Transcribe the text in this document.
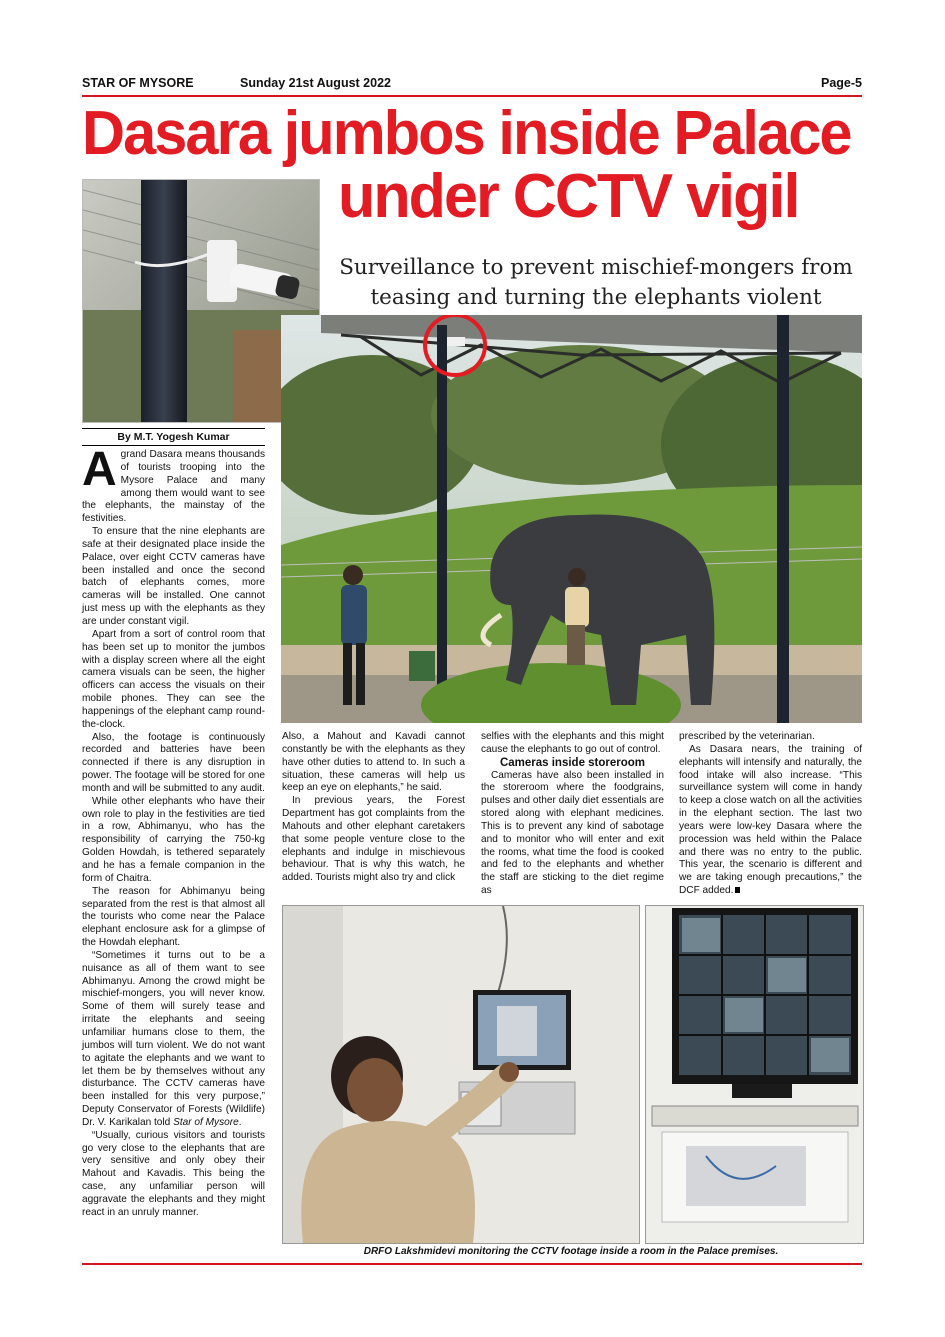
STAR OF MYSORE	Sunday 21st August 2022	Page-5
Dasara jumbos inside Palace
under CCTV vigil
Surveillance to prevent mischief-mongers from
teasing and turning the elephants violent
By M.T. Yogesh Kumar

Agrand Dasara means thousands of tourists trooping into the Mysore Palace and many among them would want to see the elephants, the mainstay of the festivities.

To ensure that the nine elephants are safe at their designated place inside the Palace, over eight CCTV cameras have been installed and once the second batch of elephants comes, more cameras will be installed. One cannot just mess up with the elephants as they are under constant vigil.

Apart from a sort of control room that has been set up to monitor the jumbos with a display screen where all the eight camera visuals can be seen, the higher officers can access the visuals on their mobile phones. They can see the happenings of the elephant camp round-the-clock.

Also, the footage is continuously recorded and batteries have been connected if there is any disruption in power. The footage will be stored for one month and will be submitted to any audit.

While other elephants who have their own role to play in the festivities are tied in a row, Abhimanyu, who has the responsibility of carrying the 750-kg Golden Howdah, is tethered separately and he has a female companion in the form of Chaitra.

The reason for Abhimanyu being separated from the rest is that almost all the tourists who come near the Palace elephant enclosure ask for a glimpse of the Howdah elephant.

“Sometimes it turns out to be a nuisance as all of them want to see Abhimanyu. Among the crowd might be mischief-mongers, you will never know. Some of them will surely tease and irritate the elephants and seeing unfamiliar humans close to them, the jumbos will turn violent. We do not want to agitate the elephants and we want to let them be by themselves without any disturbance. The CCTV cameras have been installed for this very purpose,” Deputy Conservator of Forests (Wildlife) Dr. V. Karikalan told Star of Mysore.

“Usually, curious visitors and tourists go very close to the elephants that are very sensitive and only obey their Mahout and Kavadis. This being the case, any unfamiliar person will aggravate the elephants and they might react in an unruly manner.

Also, a Mahout and Kavadi cannot constantly be with the elephants as they have other duties to attend to. In such a situation, these cameras will help us keep an eye on elephants,” he said.

In previous years, the Forest Department has got complaints from the Mahouts and other elephant caretakers that some people venture close to the elephants and indulge in mischievous behaviour. That is why this watch, he added. Tourists might also try and click

selfies with the elephants and this might cause the elephants to go out of control.

Cameras inside storeroom

Cameras have also been installed in the storeroom where the foodgrains, pulses and other daily diet essentials are stored along with elephant medicines. This is to prevent any kind of sabotage and to monitor who will enter and exit the rooms, what time the food is cooked and fed to the elephants and whether the staff are sticking to the diet regime as

prescribed by the veterinarian.

As Dasara nears, the training of elephants will intensify and naturally, the food intake will also increase. “This surveillance system will come in handy to keep a close watch on all the activities in the elephant section. The last two years were low-key Dasara where the procession was held within the Palace and there was no entry to the public. This year, the scenario is different and we are taking enough precautions,” the DCF added.

DRFO Lakshmidevi monitoring the CCTV footage inside a room in the Palace premises.
